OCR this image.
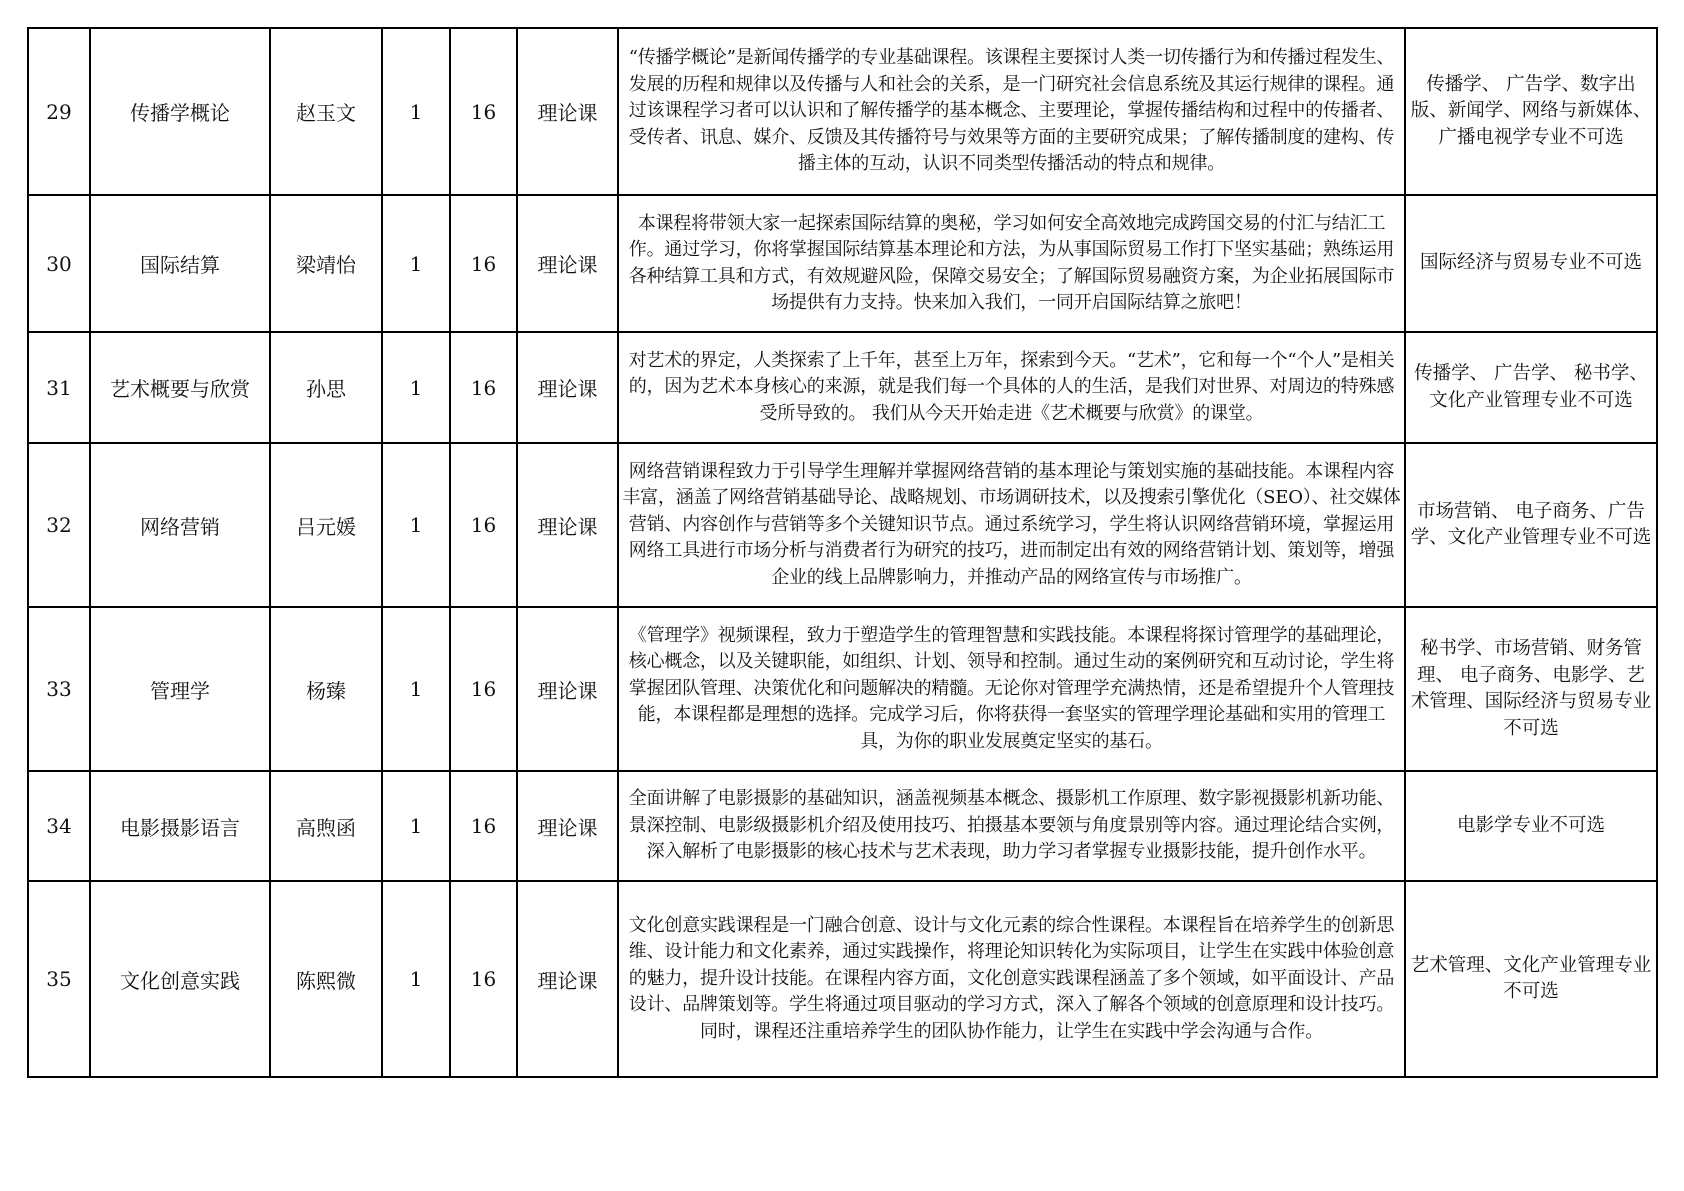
29	传播学概论	赵玉文	1	16	理论课	“传播学概论”是新闻传播学的专业基础课程。该课程主要探讨人类一切传播行为和传播过程发生、发展的历程和规律以及传播与人和社会的关系，是一门研究社会信息系统及其运行规律的课程。通过该课程学习者可以认识和了解传播学的基本概念、主要理论，掌握传播结构和过程中的传播者、受传者、讯息、媒介、反馈及其传播符号与效果等方面的主要研究成果；了解传播制度的建构、传播主体的互动，认识不同类型传播活动的特点和规律。	传播学、 广告学、数字出版、新闻学、网络与新媒体、广播电视学专业不可选
30	国际结算	梁靖怡	1	16	理论课	本课程将带领大家一起探索国际结算的奥秘，学习如何安全高效地完成跨国交易的付汇与结汇工作。通过学习，你将掌握国际结算基本理论和方法，为从事国际贸易工作打下坚实基础；熟练运用各种结算工具和方式，有效规避风险，保障交易安全；了解国际贸易融资方案，为企业拓展国际市场提供有力支持。快来加入我们，一同开启国际结算之旅吧！	国际经济与贸易专业不可选
31	艺术概要与欣赏	孙思	1	16	理论课	对艺术的界定，人类探索了上千年，甚至上万年，探索到今天。“艺术”，它和每一个“个人”是相关的，因为艺术本身核心的来源，就是我们每一个具体的人的生活，是我们对世界、对周边的特殊感受所导致的。 我们从今天开始走进《艺术概要与欣赏》的课堂。	传播学、 广告学、 秘书学、文化产业管理专业不可选
32	网络营销	吕元媛	1	16	理论课	网络营销课程致力于引导学生理解并掌握网络营销的基本理论与策划实施的基础技能。本课程内容丰富，涵盖了网络营销基础导论、战略规划、市场调研技术，以及搜索引擎优化（SEO）、社交媒体营销、内容创作与营销等多个关键知识节点。通过系统学习，学生将认识网络营销环境，掌握运用网络工具进行市场分析与消费者行为研究的技巧，进而制定出有效的网络营销计划、策划等，增强企业的线上品牌影响力，并推动产品的网络宣传与市场推广。	市场营销、 电子商务、广告学、文化产业管理专业不可选
33	管理学	杨臻	1	16	理论课	《管理学》视频课程，致力于塑造学生的管理智慧和实践技能。本课程将探讨管理学的基础理论，核心概念，以及关键职能，如组织、计划、领导和控制。通过生动的案例研究和互动讨论，学生将掌握团队管理、决策优化和问题解决的精髓。无论你对管理学充满热情，还是希望提升个人管理技能，本课程都是理想的选择。完成学习后，你将获得一套坚实的管理学理论基础和实用的管理工具，为你的职业发展奠定坚实的基石。	秘书学、市场营销、财务管理、 电子商务、电影学、艺术管理、国际经济与贸易专业不可选
34	电影摄影语言	高煦函	1	16	理论课	全面讲解了电影摄影的基础知识，涵盖视频基本概念、摄影机工作原理、数字影视摄影机新功能、景深控制、电影级摄影机介绍及使用技巧、拍摄基本要领与角度景别等内容。通过理论结合实例，深入解析了电影摄影的核心技术与艺术表现，助力学习者掌握专业摄影技能，提升创作水平。	电影学专业不可选
35	文化创意实践	陈熙微	1	16	理论课	文化创意实践课程是一门融合创意、设计与文化元素的综合性课程。本课程旨在培养学生的创新思维、设计能力和文化素养，通过实践操作，将理论知识转化为实际项目，让学生在实践中体验创意的魅力，提升设计技能。在课程内容方面，文化创意实践课程涵盖了多个领域，如平面设计、产品设计、品牌策划等。学生将通过项目驱动的学习方式，深入了解各个领域的创意原理和设计技巧。同时，课程还注重培养学生的团队协作能力，让学生在实践中学会沟通与合作。	艺术管理、文化产业管理专业不可选
